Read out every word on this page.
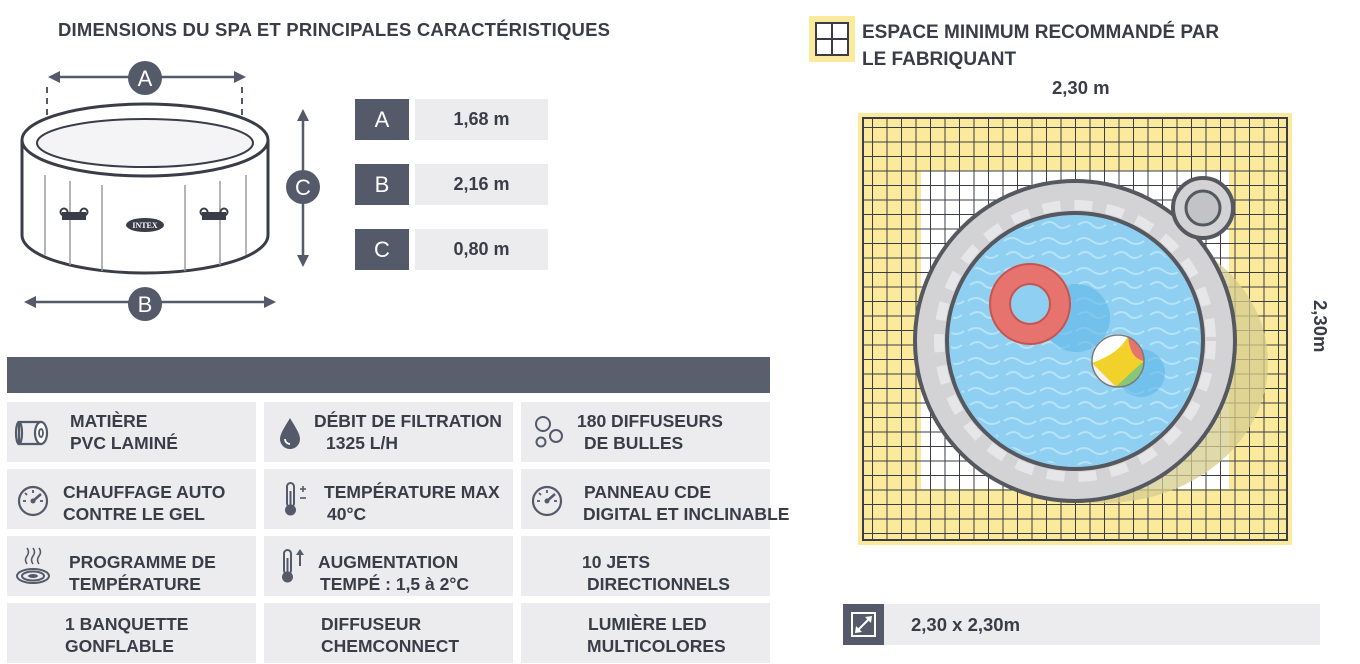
DIMENSIONS DU SPA ET PRINCIPALES CARACTÉRISTIQUES
A
INTEX
B
C
A	1,68 m
B	2,16 m
C	0,80 m
MATIÈRE
PVC LAMINÉ
DÉBIT DE FILTRATION
1325 L/H
180 DIFFUSEURS
DE BULLES
CHAUFFAGE AUTO
CONTRE LE GEL
TEMPÉRATURE MAX
40°C
PANNEAU CDE
DIGITAL ET INCLINABLE
PROGRAMME DE
TEMPÉRATURE
AUGMENTATION
TEMPÉ : 1,5 à 2°C
10 JETS
DIRECTIONNELS
1 BANQUETTE
GONFLABLE
DIFFUSEUR
CHEMCONNECT
LUMIÈRE LED
MULTICOLORES
ESPACE MINIMUM RECOMMANDÉ PAR
LE FABRIQUANT
2,30 m
2,30m
2,30 x 2,30m
